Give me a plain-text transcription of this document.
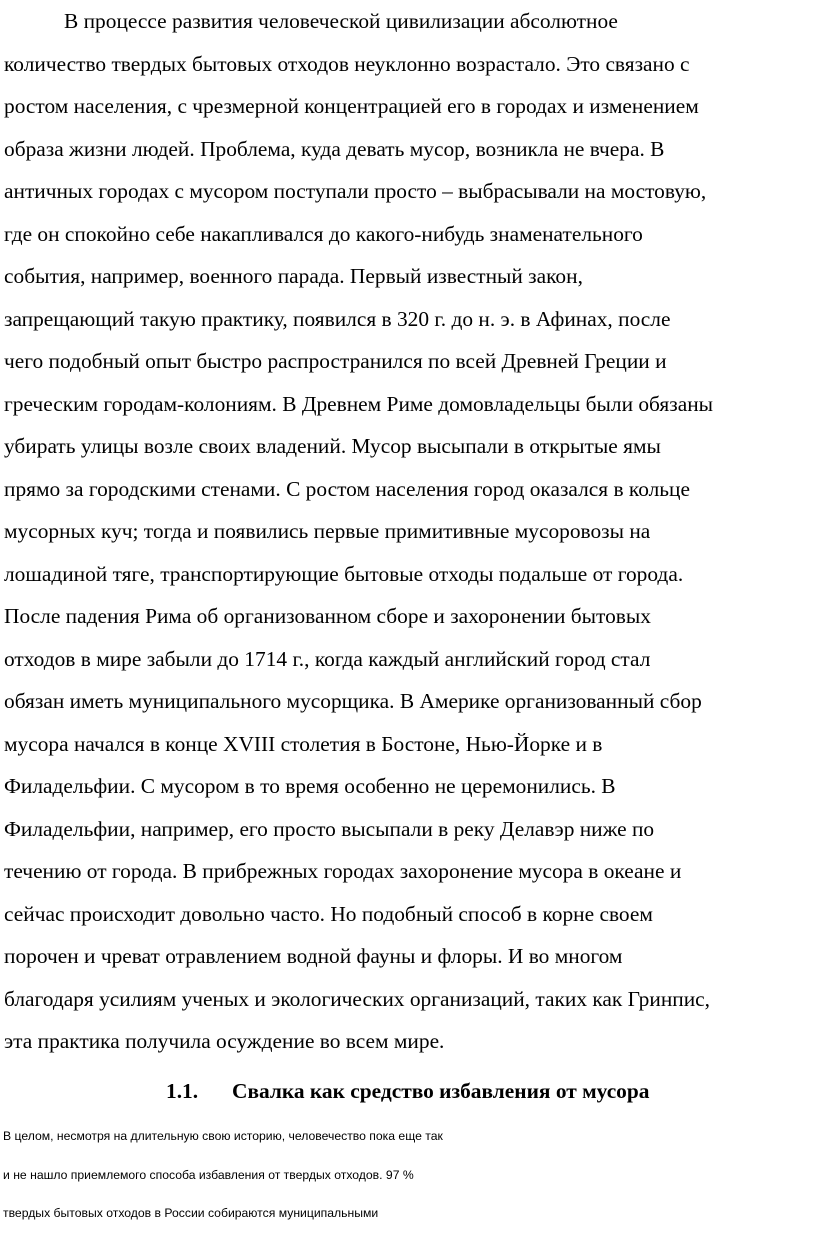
В процессе развития человеческой цивилизации абсолютное
количество твердых бытовых отходов неуклонно возрастало. Это связано с
ростом населения, с чрезмерной концентрацией его в городах и изменением
образа жизни людей. Проблема, куда девать мусор, возникла не вчера. В
античных городах с мусором поступали просто – выбрасывали на мостовую,
где он спокойно себе накапливался до какого-нибудь знаменательного
события, например, военного парада. Первый известный закон,
запрещающий такую практику, появился в 320 г. до н. э. в Афинах, после
чего подобный опыт быстро распространился по всей Древней Греции и
греческим городам-колониям. В Древнем Риме домовладельцы были обязаны
убирать улицы возле своих владений. Мусор высыпали в открытые ямы
прямо за городскими стенами. С ростом населения город оказался в кольце
мусорных куч; тогда и появились первые примитивные мусоровозы на
лошадиной тяге, транспортирующие бытовые отходы подальше от города.
После падения Рима об организованном сборе и захоронении бытовых
отходов в мире забыли до 1714 г., когда каждый английский город стал
обязан иметь муниципального мусорщика. В Америке организованный сбор
мусора начался в конце XVIII столетия в Бостоне, Нью-Йорке и в
Филадельфии. С мусором в то время особенно не церемонились. В
Филадельфии, например, его просто высыпали в реку Делавэр ниже по
течению от города. В прибрежных городах захоронение мусора в океане и
сейчас происходит довольно часто. Но подобный способ в корне своем
порочен и чреват отравлением водной фауны и флоры. И во многом
благодаря усилиям ученых и экологических организаций, таких как Гринпис,
эта практика получила осуждение во всем мире.
1.1. Свалка как средство избавления от мусора
В целом, несмотря на длительную свою историю, человечество пока еще так
и не нашло приемлемого способа избавления от твердых отходов. 97 %
твердых бытовых отходов в России собираются муниципальными
